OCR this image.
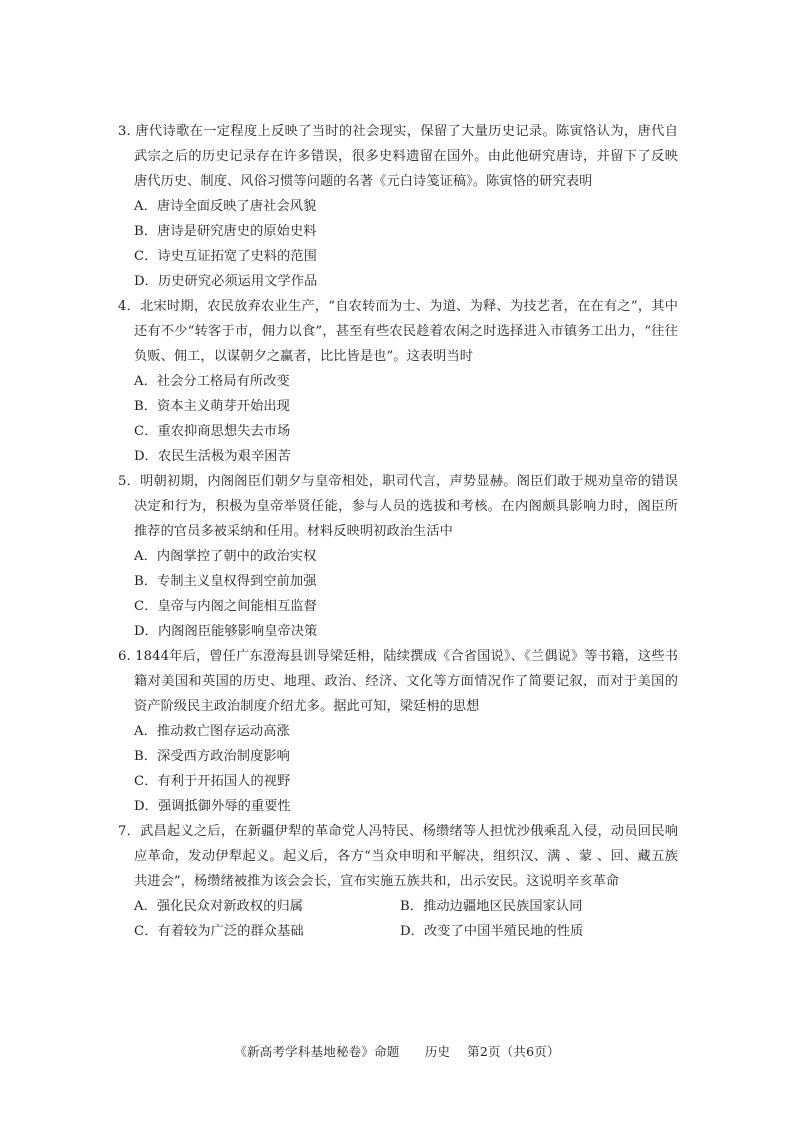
3. 唐代诗歌在一定程度上反映了当时的社会现实，保留了大量历史记录。陈寅恪认为，唐代自武宗之后的历史记录存在许多错误，很多史料遗留在国外。由此他研究唐诗，并留下了反映唐代历史、制度、风俗习惯等问题的名著《元白诗笺证稿》。陈寅恪的研究表明

A．唐诗全面反映了唐社会风貌
B．唐诗是研究唐史的原始史料
C．诗史互证拓宽了史料的范围
D．历史研究必须运用文学作品

4．北宋时期，农民放弃农业生产，“自农转而为士、为道、为释、为技艺者，在在有之”，其中还有不少“转客于市，佣力以食”，甚至有些农民趁着农闲之时选择进入市镇务工出力，“往往负贩、佣工，以谋朝夕之赢者，比比皆是也”。这表明当时

A．社会分工格局有所改变
B．资本主义萌芽开始出现
C．重农抑商思想失去市场
D．农民生活极为艰辛困苦

5．明朝初期，内阁阁臣们朝夕与皇帝相处，职司代言，声势显赫。阁臣们敢于规劝皇帝的错误决定和行为，积极为皇帝举贤任能，参与人员的选拔和考核。在内阁颇具影响力时，阁臣所推荐的官员多被采纳和任用。材料反映明初政治生活中

A．内阁掌控了朝中的政治实权
B．专制主义皇权得到空前加强
C．皇帝与内阁之间能相互监督
D．内阁阁臣能够影响皇帝决策

6. 1844年后，曾任广东澄海县训导梁廷枏，陆续撰成《合省国说》、《兰偶说》等书籍，这些书籍对美国和英国的历史、地理、政治、经济、文化等方面情况作了简要记叙，而对于美国的资产阶级民主政治制度介绍尤多。据此可知，梁廷枏的思想

A．推动救亡图存运动高涨
B．深受西方政治制度影响
C．有利于开拓国人的视野
D．强调抵御外辱的重要性

7．武昌起义之后，在新疆伊犁的革命党人冯特民、杨缵绪等人担忧沙俄乘乱入侵，动员回民响应革命，发动伊犁起义。起义后，各方“当众申明和平解决，组织汉、满 、蒙 、回、藏五族共进会”，杨缵绪被推为该会会长，宣布实施五族共和，出示安民。这说明辛亥革命

A．强化民众对新政权的归属	B．推动边疆地区民族国家认同
C．有着较为广泛的群众基础	D．改变了中国半殖民地的性质
《新高考学科基地秘卷》命题　　历史　 第2页（共6页）
